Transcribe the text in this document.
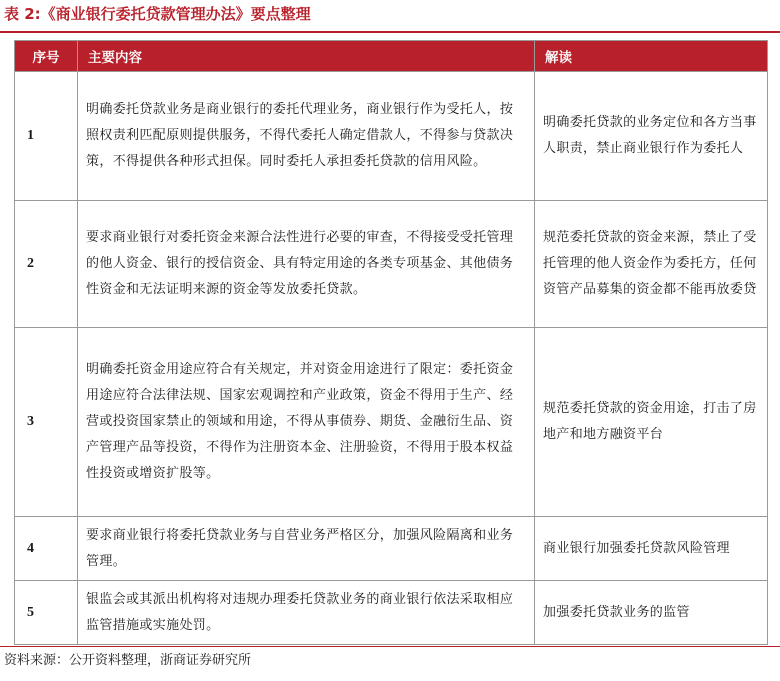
表 2:《商业银行委托贷款管理办法》要点整理
序号	主要内容	解读
1	明确委托贷款业务是商业银行的委托代理业务，商业银行作为受托人，按照权责利匹配原则提供服务，不得代委托人确定借款人，不得参与贷款决策，不得提供各种形式担保。同时委托人承担委托贷款的信用风险。	明确委托贷款的业务定位和各方当事人职责，禁止商业银行作为委托人
2	要求商业银行对委托资金来源合法性进行必要的审查，不得接受受托管理的他人资金、银行的授信资金、具有特定用途的各类专项基金、其他债务性资金和无法证明来源的资金等发放委托贷款。	规范委托贷款的资金来源，禁止了受托管理的他人资金作为委托方，任何资管产品募集的资金都不能再放委贷
3	明确委托资金用途应符合有关规定，并对资金用途进行了限定：委托资金用途应符合法律法规、国家宏观调控和产业政策，资金不得用于生产、经营或投资国家禁止的领域和用途，不得从事债券、期货、金融衍生品、资产管理产品等投资，不得作为注册资本金、注册验资，不得用于股本权益性投资或增资扩股等。	规范委托贷款的资金用途，打击了房地产和地方融资平台
4	要求商业银行将委托贷款业务与自营业务严格区分，加强风险隔离和业务管理。	商业银行加强委托贷款风险管理
5	银监会或其派出机构将对违规办理委托贷款业务的商业银行依法采取相应监管措施或实施处罚。	加强委托贷款业务的监管
资料来源：公开资料整理，浙商证券研究所
